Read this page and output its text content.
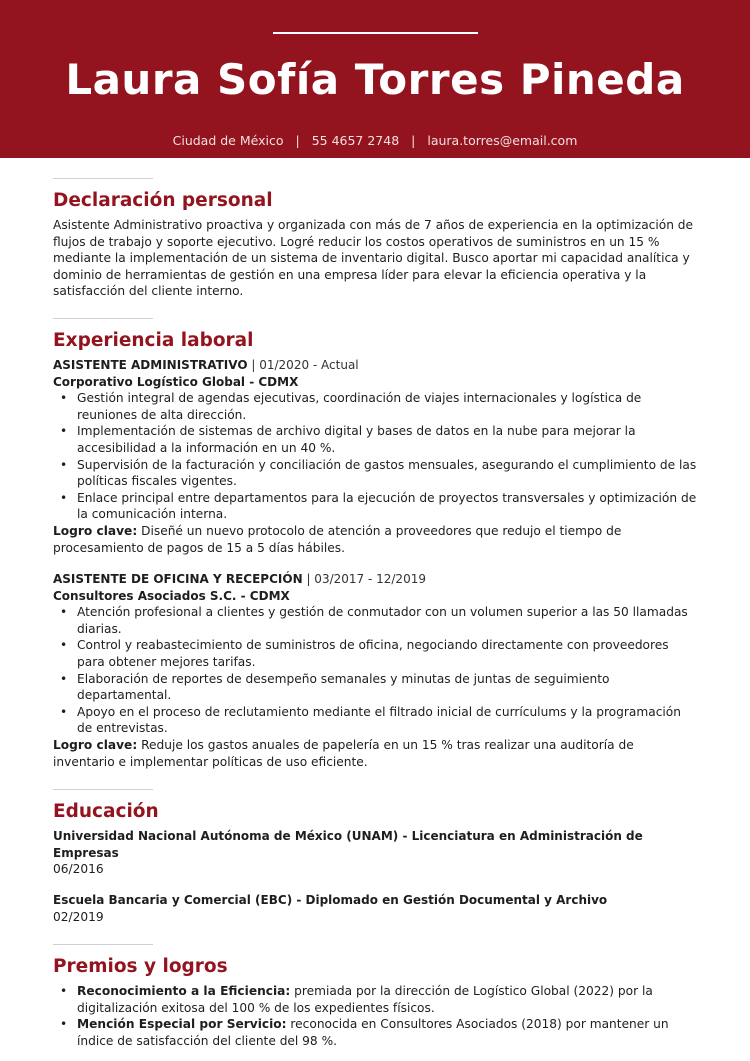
Laura Sofía Torres Pineda
Ciudad de México | 55 4657 2748 | laura.torres@email.com
Declaración personal

Asistente Administrativo proactiva y organizada con más de 7 años de experiencia en la optimización de flujos de trabajo y soporte ejecutivo. Logré reducir los costos operativos de suministros en un 15 % mediante la implementación de un sistema de inventario digital. Busco aportar mi capacidad analítica y dominio de herramientas de gestión en una empresa líder para elevar la eficiencia operativa y la satisfacción del cliente interno.

Experiencia laboral

ASISTENTE ADMINISTRATIVO | 01/2020 - Actual

Corporativo Logístico Global - CDMX

• Gestión integral de agendas ejecutivas, coordinación de viajes internacionales y logística de reuniones de alta dirección.
• Implementación de sistemas de archivo digital y bases de datos en la nube para mejorar la accesibilidad a la información en un 40 %.
• Supervisión de la facturación y conciliación de gastos mensuales, asegurando el cumplimiento de las políticas fiscales vigentes.
• Enlace principal entre departamentos para la ejecución de proyectos transversales y optimización de la comunicación interna.

Logro clave: Diseñé un nuevo protocolo de atención a proveedores que redujo el tiempo de procesamiento de pagos de 15 a 5 días hábiles.

ASISTENTE DE OFICINA Y RECEPCIÓN | 03/2017 - 12/2019

Consultores Asociados S.C. - CDMX

• Atención profesional a clientes y gestión de conmutador con un volumen superior a las 50 llamadas diarias.
• Control y reabastecimiento de suministros de oficina, negociando directamente con proveedores para obtener mejores tarifas.
• Elaboración de reportes de desempeño semanales y minutas de juntas de seguimiento departamental.
• Apoyo en el proceso de reclutamiento mediante el filtrado inicial de currículums y la programación de entrevistas.

Logro clave: Reduje los gastos anuales de papelería en un 15 % tras realizar una auditoría de inventario e implementar políticas de uso eficiente.

Educación

Universidad Nacional Autónoma de México (UNAM) - Licenciatura en Administración de Empresas

06/2016

Escuela Bancaria y Comercial (EBC) - Diplomado en Gestión Documental y Archivo

02/2019

Premios y logros
• Reconocimiento a la Eficiencia: premiada por la dirección de Logístico Global (2022) por la digitalización exitosa del 100 % de los expedientes físicos.
• Mención Especial por Servicio: reconocida en Consultores Asociados (2018) por mantener un índice de satisfacción del cliente del 98 %.
